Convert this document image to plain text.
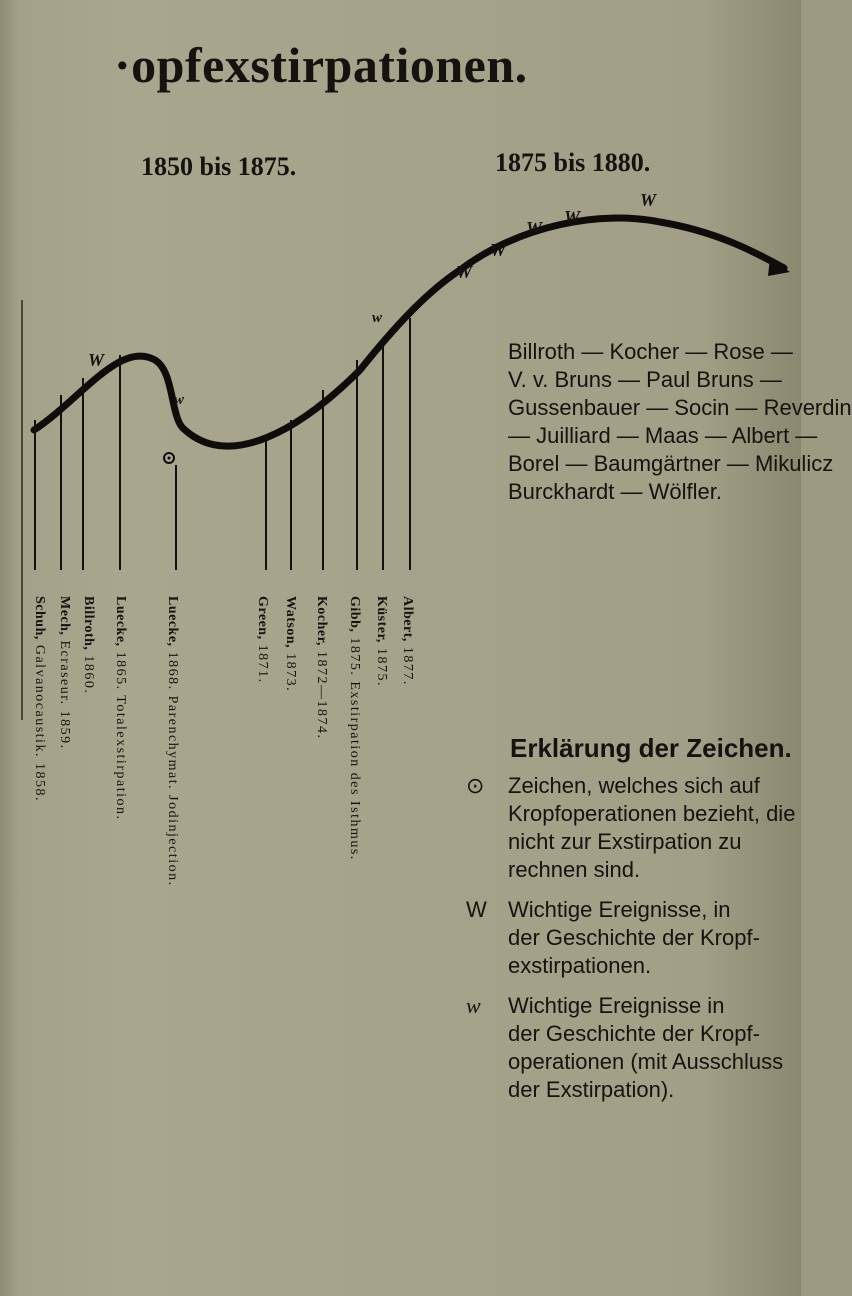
·opfexstirpationen.
1850 bis 1875.	1875 bis 1880.
W
w
w
W
W
W
W
W
Schuh, Galvanocaustik. 1858.
Mech, Ecraseur. 1859.
Billroth, 1860.
Luecke, 1865. Totalexstirpation.
Luecke, 1868. Parenchymat. Jodinjection.
Green, 1871.
Watson, 1873.
Kocher, 1872—1874.
Gibb, 1875. Exstirpation des Isthmus.
Küster, 1875.
Albert, 1877.
Billroth — Kocher — Rose —
V. v. Bruns — Paul Bruns —
Gussenbauer — Socin — Reverdin
— Juilliard — Maas — Albert —
Borel — Baumgärtner — Mikulicz
Burckhardt — Wölfler.
Erklärung der Zeichen.
⊙	Zeichen, welches sich auf
Kropfoperationen bezieht, die
nicht zur Exstirpation zu
rechnen sind.
W Wichtige Ereignisse, in
der Geschichte der Kropf-
exstirpationen.
w	Wichtige Ereignisse in
der Geschichte der Kropf-
operationen (mit Ausschluss
der Exstirpation).
